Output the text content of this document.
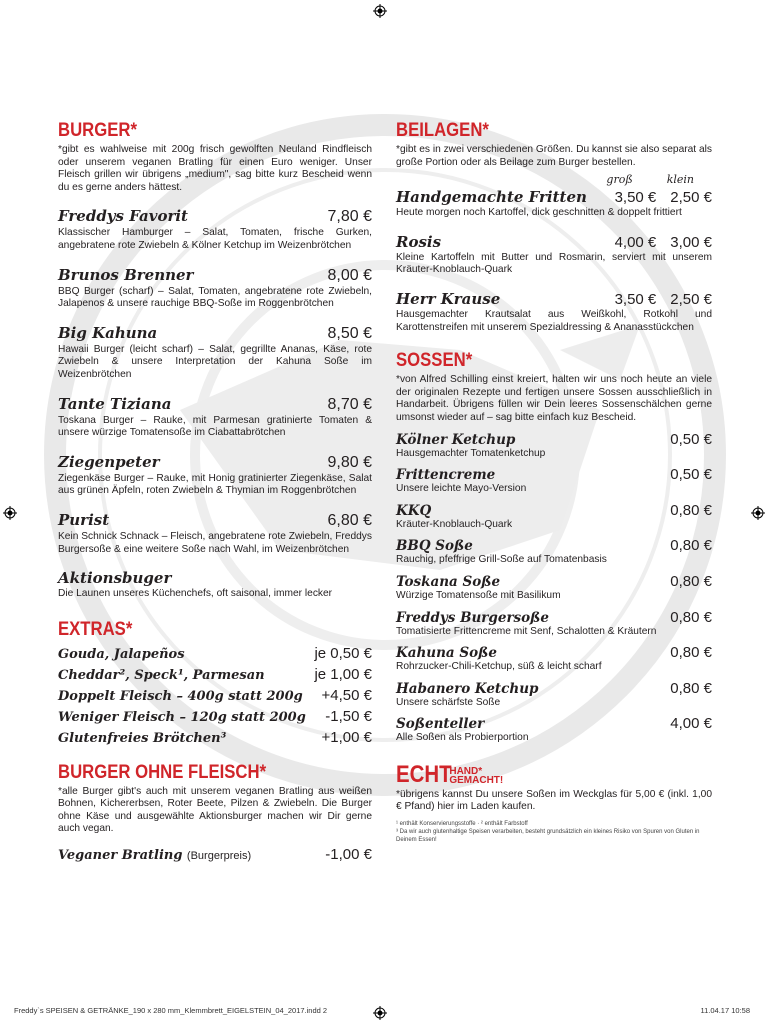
BURGER*

*gibt es wahlweise mit 200g frisch gewolften Neuland Rindfleisch oder unserem veganen Bratling für einen Euro weniger. Unser Fleisch grillen wir übrigens „medium", sag bitte kurz Bescheid wenn du es gerne anders hättest.

Freddys Favorit	7,80 €
Klassischer Hamburger – Salat, Tomaten, frische Gurken, angebratene rote Zwiebeln & Kölner Ketchup im Weizenbrötchen
Brunos Brenner	8,00 €
BBQ Burger (scharf) – Salat, Tomaten, angebratene rote Zwiebeln, Jalapenos & unsere rauchige BBQ-Soße im Roggenbrötchen
Big Kahuna	8,50 €
Hawaii Burger (leicht scharf) – Salat, gegrillte Ananas, Käse, rote Zwiebeln & unsere Interpretation der Kahuna Soße im Weizenbrötchen
Tante Tiziana	8,70 €
Toskana Burger – Rauke, mit Parmesan gratinierte Tomaten & unsere würzige Tomatensoße im Ciabattabrötchen
Ziegenpeter	9,80 €
Ziegenkäse Burger – Rauke, mit Honig gratinierter Ziegenkäse, Salat aus grünen Äpfeln, roten Zwiebeln & Thymian im Roggenbrötchen
Purist	6,80 €
Kein Schnick Schnack – Fleisch, angebratene rote Zwiebeln, Freddys Burgersoße & eine weitere Soße nach Wahl, im Weizenbrötchen
Aktionsbuger
Die Launen unseres Küchenchefs, oft saisonal, immer lecker
EXTRAS*
Gouda, Jalapeños	je 0,50 €
Cheddar², Speck¹, Parmesan	je 1,00 €
Doppelt Fleisch – 400g statt 200g +4,50 €
Weniger Fleisch – 120g statt 200g -1,50 €
Glutenfreies Brötchen³	+1,00 €
BURGER OHNE FLEISCH*

*alle Burger gibt's auch mit unserem veganen Bratling aus weißen Bohnen, Kichererbsen, Roter Beete, Pilzen & Zwiebeln. Die Burger ohne Käse und ausgewählte Aktionsburger machen wir Dir gerne auch vegan.

Veganer Bratling (Burgerpreis)	-1,00 €
BEILAGEN*

*gibt es in zwei verschiedenen Größen. Du kannst sie also separat als große Portion oder als Beilage zum Burger bestellen.

groß	klein
Handgemachte Fritten 3,50 € 2,50 €
Heute morgen noch Kartoffel, dick geschnitten & doppelt frittiert
Rosis	4,00 € 3,00 €
Kleine Kartoffeln mit Butter und Rosmarin, serviert mit unserem Kräuter-Knoblauch-Quark
Herr Krause	3,50 € 2,50 €
Hausgemachter Krautsalat aus Weißkohl, Rotkohl und Karottenstreifen mit unserem Spezialdressing & Ananasstückchen
SOSSEN*

*von Alfred Schilling einst kreiert, halten wir uns noch heute an viele der originalen Rezepte und fertigen unsere Sossen ausschließlich in Handarbeit. Übrigens füllen wir Dein leeres Sossenschälchen gerne umsonst wieder auf – sag bitte einfach kuz Bescheid.

Kölner Ketchup	0,50 €
Hausgemachter Tomatenketchup
Frittencreme	0,50 €
Unsere leichte Mayo-Version
KKQ	0,80 €
Kräuter-Knoblauch-Quark
BBQ Soße	0,80 €
Rauchig, pfeffrige Grill-Soße auf Tomatenbasis
Toskana Soße	0,80 €
Würzige Tomatensoße mit Basilikum
Freddys Burgersoße	0,80 €
Tomatisierte Frittencreme mit Senf, Schalotten & Kräutern
Kahuna Soße	0,80 €
Rohrzucker-Chili-Ketchup, süß & leicht scharf
Habanero Ketchup	0,80 €
Unsere schärfste Soße
Soßenteller	4,00 €
Alle Soßen als Probierportion
ECHT
HAND*
GEMACHT!

*übrigens kannst Du unsere Soßen im Weckglas für 5,00 € (inkl. 1,00 € Pfand) hier im Laden kaufen.

¹ enthält Konservierungsstoffe · ² enthält Farbstoff
³ Da wir auch glutenhaltige Speisen verarbeiten, besteht grundsätzlich ein kleines Risiko von Spuren von Gluten in Deinem Essen!
Freddy`s SPEISEN & GETRÄNKE_190 x 280 mm_Klemmbrett_EIGELSTEIN_04_2017.indd 2	11.04.17 10:58
